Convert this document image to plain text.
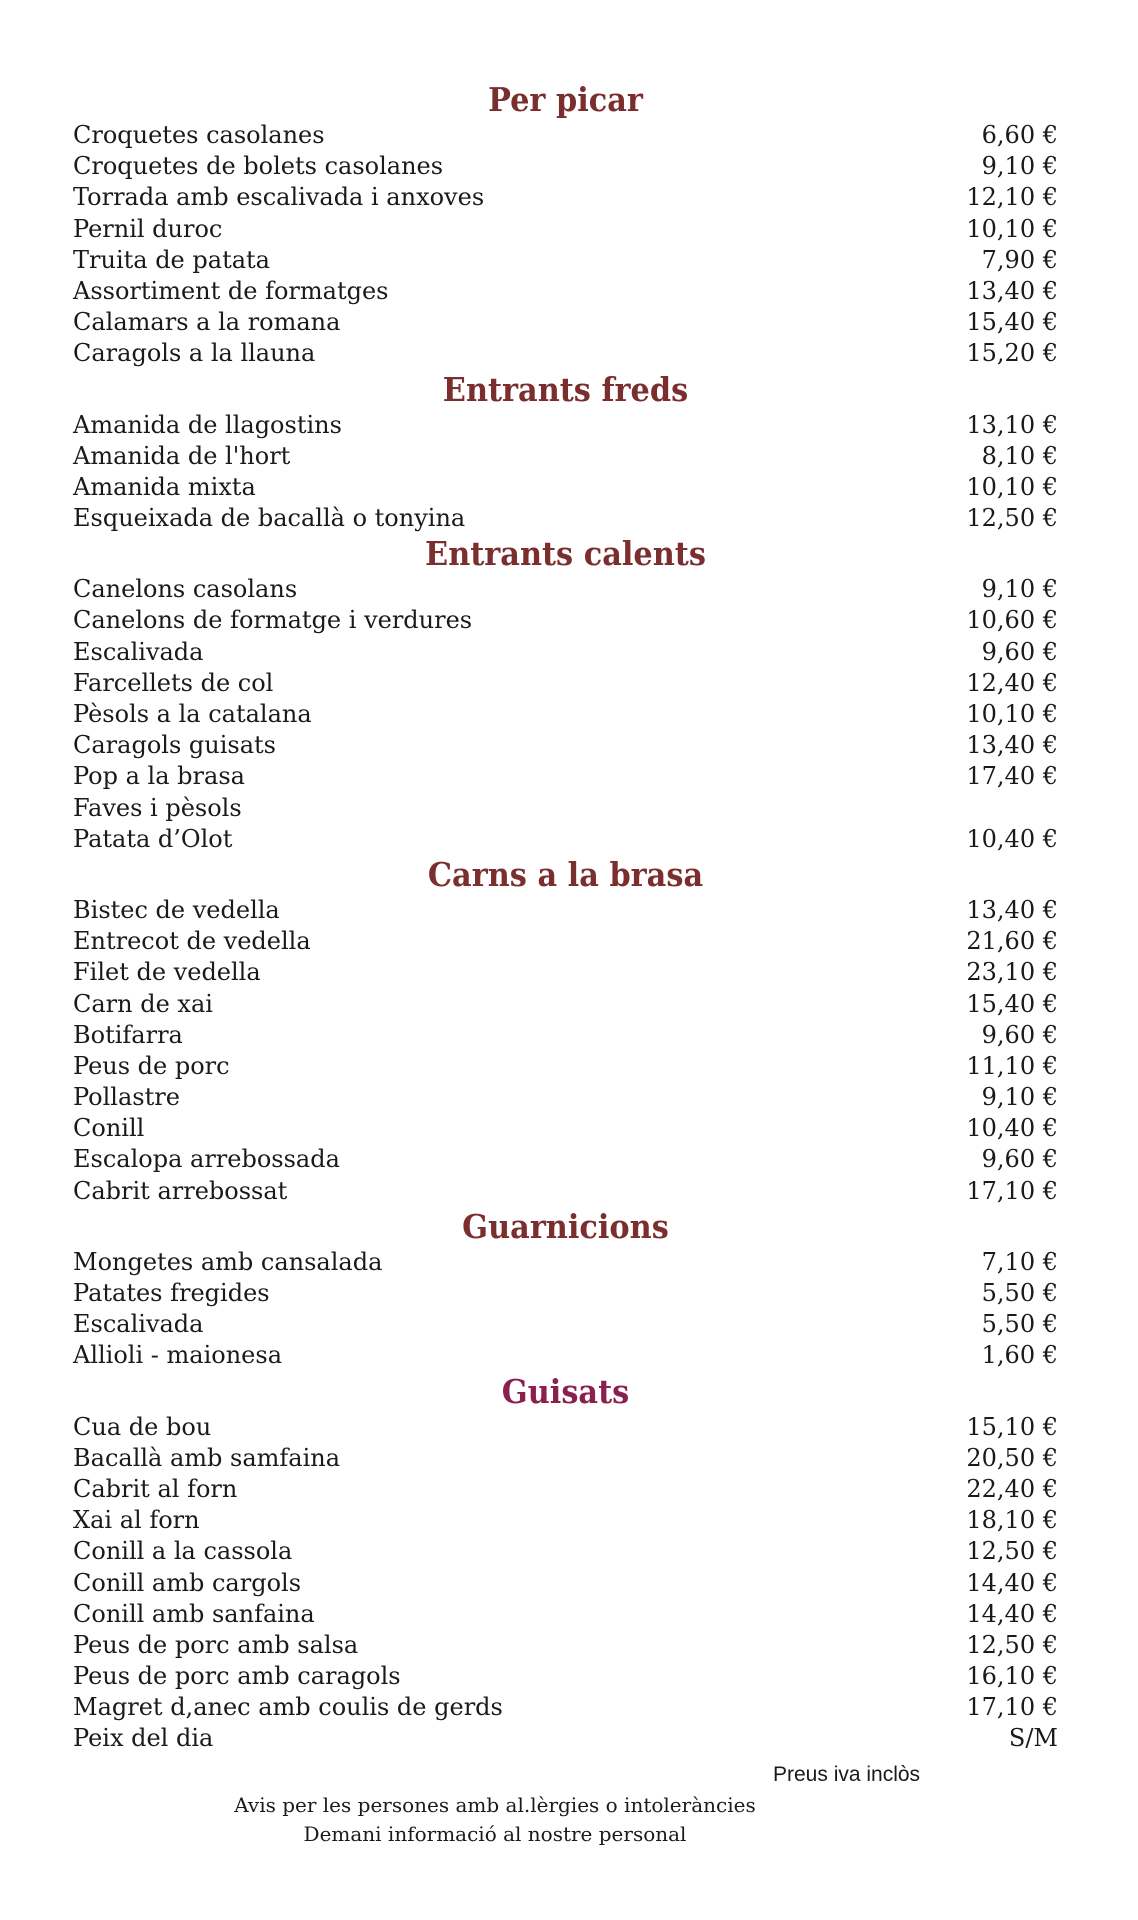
Per picar
Croquetes casolanes	6,60 €
Croquetes de bolets casolanes	9,10 €
Torrada amb escalivada i anxoves	12,10 €
Pernil duroc	10,10 €
Truita de patata	7,90 €
Assortiment de formatges	13,40 €
Calamars a la romana	15,40 €
Caragols a la llauna	15,20 €
Entrants freds
Amanida de llagostins	13,10 €
Amanida de l'hort	8,10 €
Amanida mixta	10,10 €
Esqueixada de bacallà o tonyina	12,50 €
Entrants calents
Canelons casolans	9,10 €
Canelons de formatge i verdures	10,60 €
Escalivada	9,60 €
Farcellets de col	12,40 €
Pèsols a la catalana	10,10 €
Caragols guisats	13,40 €
Pop a la brasa	17,40 €
Faves i pèsols
Patata d’Olot	10,40 €
Carns a la brasa
Bistec de vedella	13,40 €
Entrecot de vedella	21,60 €
Filet de vedella	23,10 €
Carn de xai	15,40 €
Botifarra	9,60 €
Peus de porc	11,10 €
Pollastre	9,10 €
Conill	10,40 €
Escalopa arrebossada	9,60 €
Cabrit arrebossat	17,10 €
Guarnicions
Mongetes amb cansalada	7,10 €
Patates fregides	5,50 €
Escalivada	5,50 €
Allioli - maionesa	1,60 €
Guisats
Cua de bou	15,10 €
Bacallà amb samfaina	20,50 €
Cabrit al forn	22,40 €
Xai al forn	18,10 €
Conill a la cassola	12,50 €
Conill amb cargols	14,40 €
Conill amb sanfaina	14,40 €
Peus de porc amb salsa	12,50 €
Peus de porc amb caragols	16,10 €
Magret d,anec amb coulis de gerds	17,10 €
Peix del dia	S/M
Preus iva inclòs
Avis per les persones amb al.lèrgies o intoleràncies
Demani informació al nostre personal
